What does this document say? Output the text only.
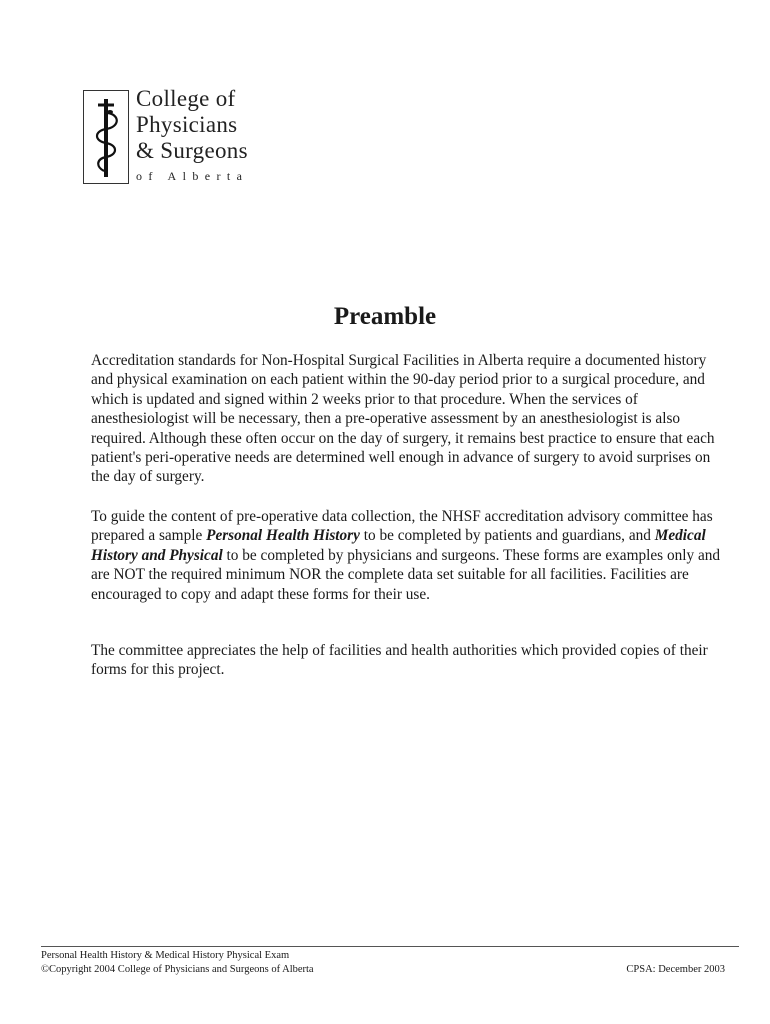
College of
Physicians
& Surgeons
of Alberta
Preamble

Accreditation standards for Non-Hospital Surgical Facilities in Alberta require a documented history and physical examination on each patient within the 90-day period prior to a surgical procedure, and which is updated and signed within 2 weeks prior to that procedure. When the services of anesthesiologist will be necessary, then a pre-operative assessment by an anesthesiologist is also required. Although these often occur on the day of surgery, it remains best practice to ensure that each patient's peri-operative needs are determined well enough in advance of surgery to avoid surprises on the day of surgery.

To guide the content of pre-operative data collection, the NHSF accreditation advisory committee has prepared a sample Personal Health History to be completed by patients and guardians, and Medical History and Physical to be completed by physicians and surgeons. These forms are examples only and are NOT the required minimum NOR the complete data set suitable for all facilities. Facilities are encouraged to copy and adapt these forms for their use.

The committee appreciates the help of facilities and health authorities which provided copies of their forms for this project.

Personal Health History & Medical History Physical Exam
©Copyright 2004 College of Physicians and Surgeons of Alberta	CPSA: December 2003
